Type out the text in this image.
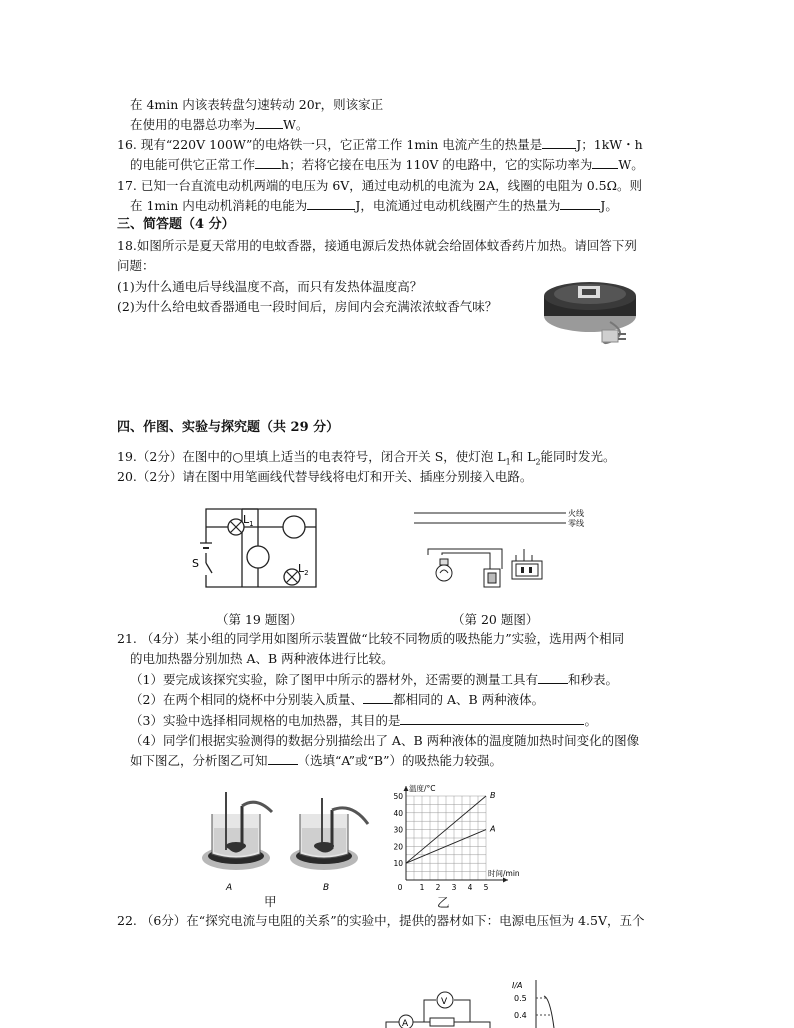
在 4min 内该表转盘匀速转动 20r，则该家正
在使用的电器总功率为 W。
16. 现有“220V 100W”的电烙铁一只，它正常工作 1min 电流产生的热量是	J；1kW・h
的电能可供它正常工作 h；若将它接在电压为 110V 的电路中，它的实际功率为 W。
17. 已知一台直流电动机两端的电压为 6V，通过电动机的电流为 2A，线圈的电阻为 0.5Ω。则
在 1min 内电动机消耗的电能为	J，电流通过电动机线圈产生的热量为	J。
三、简答题（4 分）
18.如图所示是夏天常用的电蚊香器，接通电源后发热体就会给固体蚊香药片加热。请回答下列
问题：
(1)为什么通电后导线温度不高，而只有发热体温度高？
(2)为什么给电蚊香器通电一段时间后，房间内会充满浓浓蚊香气味？
四、作图、实验与探究题（共 29 分）
19.（2分）在图中的○里填上适当的电表符号，闭合开关 S，使灯泡 $L_1$和 $L_2$能同时发光。
20.（2分）请在图中用笔画线代替导线将电灯和开关、插座分别接入电路。
$L_1$
$L_2$
S
火线
零线
（第 19 题图）	（第 20 题图）
21. （4分）某小组的同学用如图所示装置做“比较不同物质的吸热能力”实验，选用两个相同
的电加热器分别加热 A、B 两种液体进行比较。
（1）要完成该探究实验，除了图甲中所示的器材外，还需要的测量工具有 和秒表。
（2）在两个相同的烧杯中分别装入质量、 都相同的 A、B 两种液体。
（3）实验中选择相同规格的电加热器，其目的是	。
（4）同学们根据实验测得的数据分别描绘出了 A、B 两种液体的温度随加热时间变化的图像
如下图乙，分析图乙可知 （选填“A”或“B”）的吸热能力较强。
A	B
甲
10
20
30
40
50
0 1 2 3 4 5
温度/°C
时间/min
B
A
乙
22. （6分）在“探究电流与电阻的关系”的实验中，提供的器材如下：电源电压恒为 4.5V，五个
V
A
I/A
0.5
0.4
